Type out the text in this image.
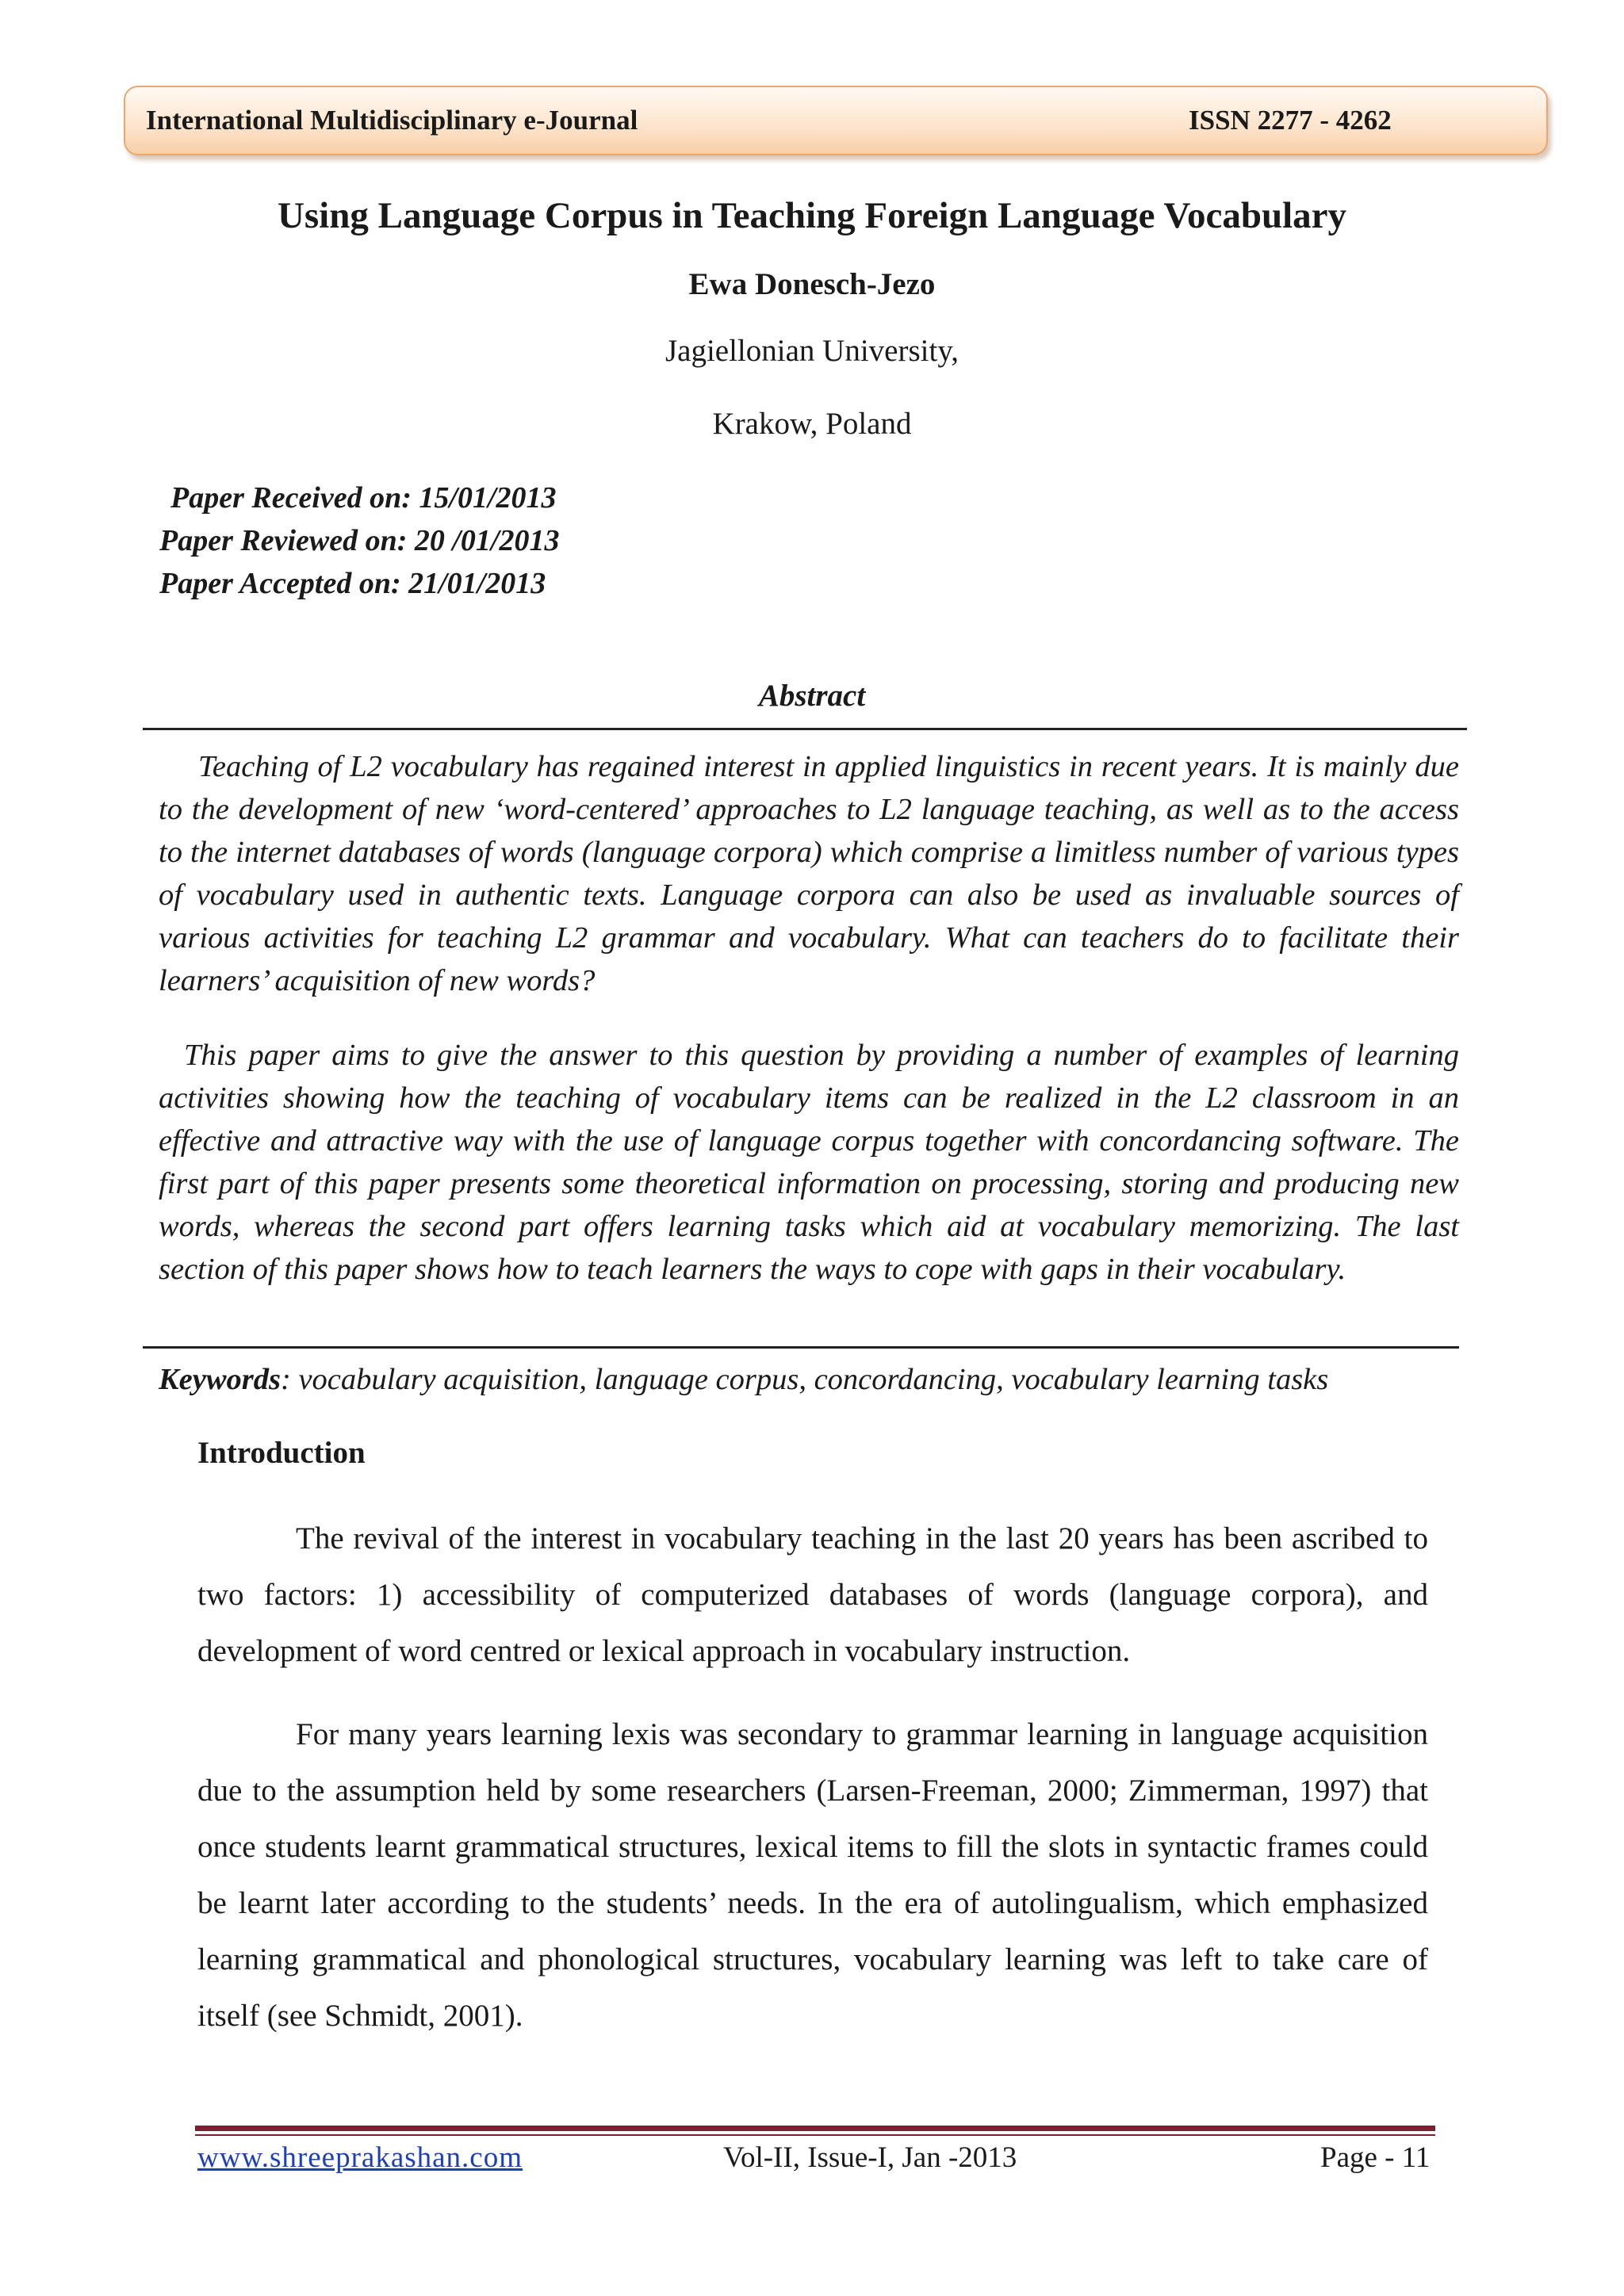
International Multidisciplinary e-Journal	ISSN 2277 - 4262
Using Language Corpus in Teaching Foreign Language Vocabulary
Ewa Donesch-Jezo
Jagiellonian University,
Krakow, Poland
Paper Received on: 15/01/2013
Paper Reviewed on: 20 /01/2013
Paper Accepted on: 21/01/2013
Abstract
Teaching of L2 vocabulary has regained interest in applied linguistics in recent years. It is mainly due to the development of new ‘word-centered’ approaches to L2 language teaching, as well as to the access to the internet databases of words (language corpora) which comprise a limitless number of various types of vocabulary used in authentic texts. Language corpora can also be used as invaluable sources of various activities for teaching L2 grammar and vocabulary. What can teachers do to facilitate their learners’ acquisition of new words?
This paper aims to give the answer to this question by providing a number of examples of learning activities showing how the teaching of vocabulary items can be realized in the L2 classroom in an effective and attractive way with the use of language corpus together with concordancing software. The first part of this paper presents some theoretical information on processing, storing and producing new words, whereas the second part offers learning tasks which aid at vocabulary memorizing. The last section of this paper shows how to teach learners the ways to cope with gaps in their vocabulary.
Keywords: vocabulary acquisition, language corpus, concordancing, vocabulary learning tasks
Introduction
The revival of the interest in vocabulary teaching in the last 20 years has been ascribed to two factors: 1) accessibility of computerized databases of words (language corpora), and development of word centred or lexical approach in vocabulary instruction.
For many years learning lexis was secondary to grammar learning in language acquisition due to the assumption held by some researchers (Larsen-Freeman, 2000; Zimmerman, 1997) that once students learnt grammatical structures, lexical items to fill the slots in syntactic frames could be learnt later according to the students’ needs. In the era of autolingualism, which emphasized learning grammatical and phonological structures, vocabulary learning was left to take care of itself (see Schmidt, 2001).
www.shreeprakashan.com	Vol-II, Issue-I, Jan -2013	Page - 11
